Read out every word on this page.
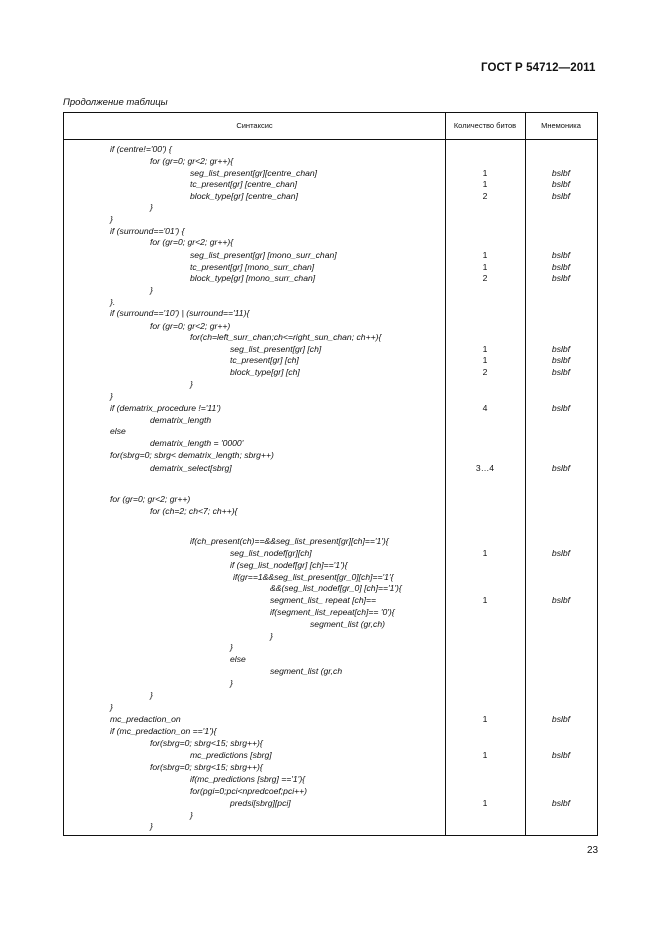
ГОСТ Р 54712—2011
Продолжение таблицы
Синтаксис	Количество битов	Мнемоника
if (centre!='00') {
for (gr=0; gr<2; gr++){
seg_list_present[gr][centre_chan]	1	bslbf
tc_present[gr] [centre_chan]	1	bslbf
block_type[gr] [centre_chan]	2	bslbf
}
}
if (surround=='01') {
for (gr=0; gr<2; gr++){
seg_list_present[gr] [mono_surr_chan]	1	bslbf
tc_present[gr] [mono_surr_chan]	1	bslbf
block_type[gr] [mono_surr_chan]	2	bslbf
}
}.
if (surround=='10') | (surround=='11){
for (gr=0; gr<2; gr++)
for(ch=left_surr_chan;ch<=right_sun_chan; ch++){
seg_list_present[gr] [ch]	1	bslbf
tc_present[gr] [ch]	1	bslbf
block_type[gr] [ch]	2	bslbf
}
}
if (dematrix_procedure !='11')	4	bslbf
dematrix_length
else
dematrix_length = '0000'
for(sbrg=0; sbrg< dematrix_length; sbrg++)
dematrix_select[sbrg]	3…4	bslbf
for (gr=0; gr<2; gr++)
for (ch=2; ch<7; ch++){
if(ch_present(ch)==&&seg_list_present[gr][ch]=='1'){
seg_list_nodef[gr][ch]	1	bslbf
if (seg_list_nodef[gr] [ch]=='1'){
if(gr==1&&seg_list_present[gr_0][ch]=='1'{
&&(seg_list_nodef[gr_0] [ch]=='1'){
segment_list_ repeat [ch]==	1	bslbf
if(segment_list_repeat[ch]== '0'){
segment_list (gr,ch)
}
}
else
segment_list (gr,ch
}
}
}
mc_predaction_on	1	bslbf
if (mc_predaction_on =='1'){
for(sbrg=0; sbrg<15; sbrg++){
mc_predictions [sbrg]	1	bslbf
for(sbrg=0; sbrg<15; sbrg++){
if(mc_predictions [sbrg] =='1'){
for(pgi=0;pci<npredcoef;pci++)
predsi[sbrg][pci]	1	bslbf
}
}
23
